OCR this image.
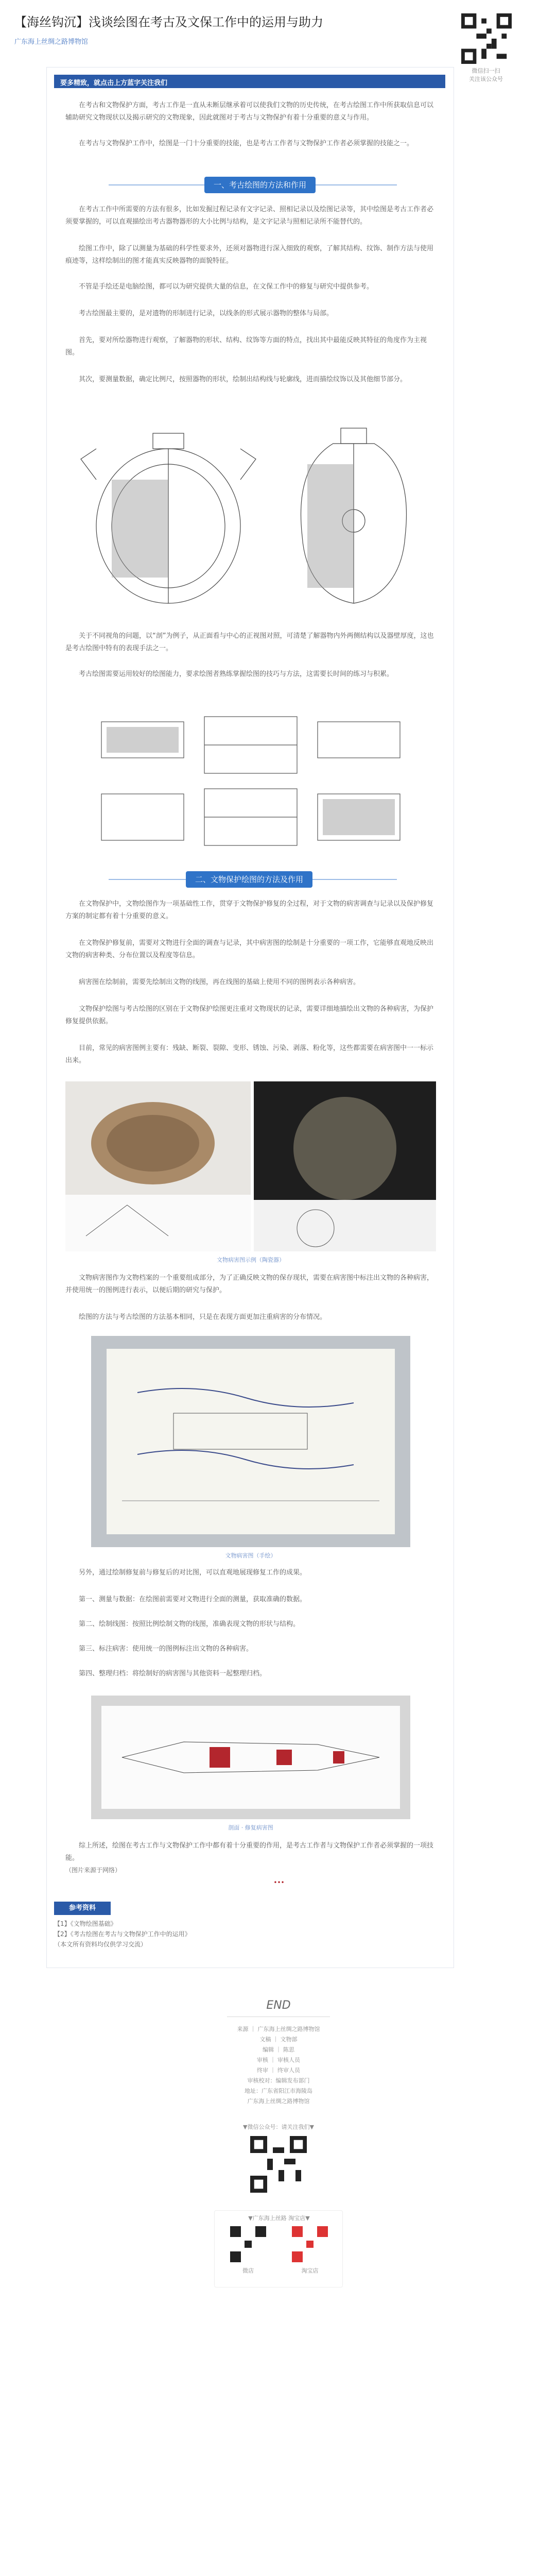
【海丝钩沉】浅谈绘图在考古及文保工作中的运用与助力
广东海上丝绸之路博物馆
微信扫一扫
关注该公众号
要多精致，就点击上方蓝字关注我们

在考古和文物保护方面，考古工作是一直从未断层继承着可以使我们文物的历史传统，在考古绘图工作中所获取信息可以辅助研究文物现状以及揭示研究的文物现象，因此就图对于考古与文物保护有着十分重要的意义与作用。

在考古与文物保护工作中，绘图是一门十分重要的技能，也是考古工作者与文物保护工作者必须掌握的技能之一。

一、考古绘图的方法和作用

在考古工作中所需要的方法有很多，比如发掘过程记录有文字记录、照相记录以及绘图记录等，其中绘图是考古工作者必须要掌握的，可以直观描绘出考古器物器形的大小比例与结构，是文字记录与照相记录所不能替代的。

绘图工作中，除了以测量为基础的科学性要求外，还须对器物进行深入细致的观察，了解其结构、纹饰、制作方法与使用痕迹等，这样绘制出的图才能真实反映器物的面貌特征。

不管是手绘还是电脑绘图，都可以为研究提供大量的信息，在文保工作中的修复与研究中提供参考。

考古绘图最主要的，是对遗物的形制进行记录，以线条的形式展示器物的整体与局部。

首先，要对所绘器物进行观察，了解器物的形状、结构、纹饰等方面的特点，找出其中最能反映其特征的角度作为主视图。

其次，要测量数据，确定比例尺，按照器物的形状，绘制出结构线与轮廓线，进而描绘纹饰以及其他细节部分。

关于不同视角的问题，以“剖”为例子，从正面看与中心的正视图对照，可清楚了解器物内外两侧结构以及器壁厚度，这也是考古绘图中特有的表现手法之一。

考古绘图需要运用较好的绘图能力，要求绘图者熟练掌握绘图的技巧与方法，这需要长时间的练习与积累。

二、文物保护绘图的方法及作用

在文物保护中，文物绘图作为一项基础性工作，贯穿于文物保护修复的全过程，对于文物的病害调查与记录以及保护修复方案的制定都有着十分重要的意义。

在文物保护修复前，需要对文物进行全面的调查与记录，其中病害图的绘制是十分重要的一项工作，它能够直观地反映出文物的病害种类、分布位置以及程度等信息。

病害图在绘制前，需要先绘制出文物的线图，再在线图的基础上使用不同的图例表示各种病害。

文物保护绘图与考古绘图的区别在于文物保护绘图更注重对文物现状的记录，需要详细地描绘出文物的各种病害，为保护修复提供依据。

目前，常见的病害图例主要有：残缺、断裂、裂隙、变形、锈蚀、污染、剥落、粉化等，这些都需要在病害图中一一标示出来。

文物病害图示例（陶瓷器）

文物病害图作为文物档案的一个重要组成部分，为了正确反映文物的保存现状，需要在病害图中标注出文物的各种病害，并使用统一的图例进行表示，以便后期的研究与保护。

绘图的方法与考古绘图的方法基本相同，只是在表现方面更加注重病害的分布情况。

文物病害图（手绘）

另外，通过绘制修复前与修复后的对比图，可以直观地展现修复工作的成果。

第一、测量与数据：在绘图前需要对文物进行全面的测量，获取准确的数据。

第二、绘制线图：按照比例绘制文物的线图，准确表现文物的形状与结构。

第三、标注病害：使用统一的图例标注出文物的各种病害。

第四、整理归档：将绘制好的病害图与其他资料一起整理归档。

剖面 · 修复病害图

综上所述，绘图在考古工作与文物保护工作中都有着十分重要的作用，是考古工作者与文物保护工作者必须掌握的一项技能。

（图片来源于网络）
•••
参考资料
【1】《文物绘图基础》
【2】《考古绘图在考古与文物保护工作中的运用》
（本文所有资料均仅供学习交流）
END
来源 ｜ 广东海上丝绸之路博物馆
文稿 ｜ 文物部
编辑 ｜ 陈思
审核 ｜ 审核人员
终审 ｜ 终审人员
审核校对：编辑发布部门
地址：广东省阳江市海陵岛
广东海上丝绸之路博物馆
▼微信公众号：请关注我们▼
▼广东海上丝路 淘宝店▼
微店	淘宝店
